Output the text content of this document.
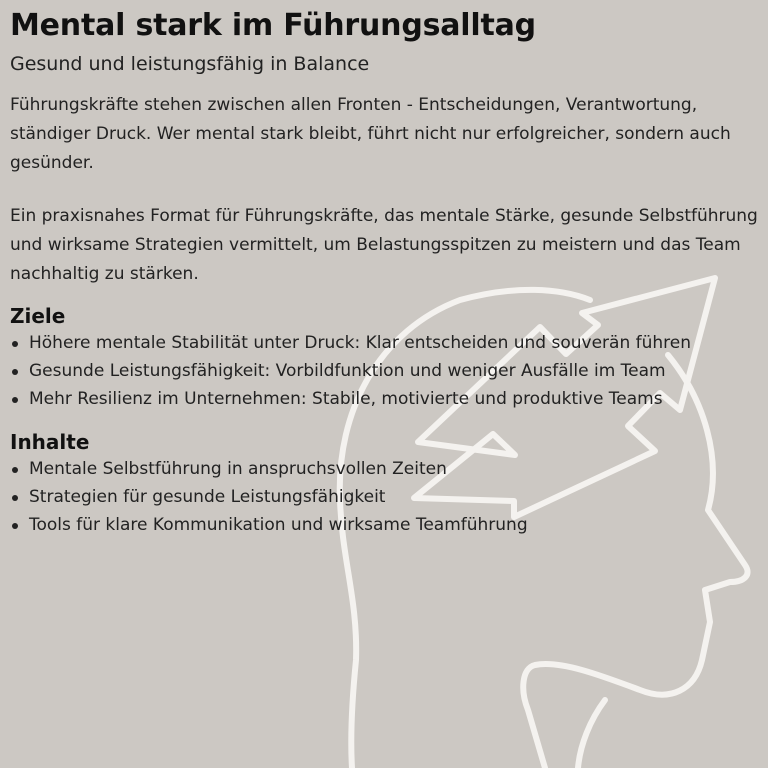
Mental stark im Führungsalltag

Gesund und leistungsfähig in Balance

Führungskräfte stehen zwischen allen Fronten - Entscheidungen, Verantwortung, ständiger Druck. Wer mental stark bleibt, führt nicht nur erfolgreicher, sondern auch gesünder.

Ein praxisnahes Format für Führungskräfte, das mentale Stärke, gesunde Selbstführung und wirksame Strategien vermittelt, um Belastungsspitzen zu meistern und das Team nachhaltig zu stärken.

Ziele
Höhere mentale Stabilität unter Druck: Klar entscheiden und souverän führen
Gesunde Leistungsfähigkeit: Vorbildfunktion und weniger Ausfälle im Team
Mehr Resilienz im Unternehmen: Stabile, motivierte und produktive Teams
Inhalte
Mentale Selbstführung in anspruchsvollen Zeiten
Strategien für gesunde Leistungsfähigkeit
Tools für klare Kommunikation und wirksame Teamführung
